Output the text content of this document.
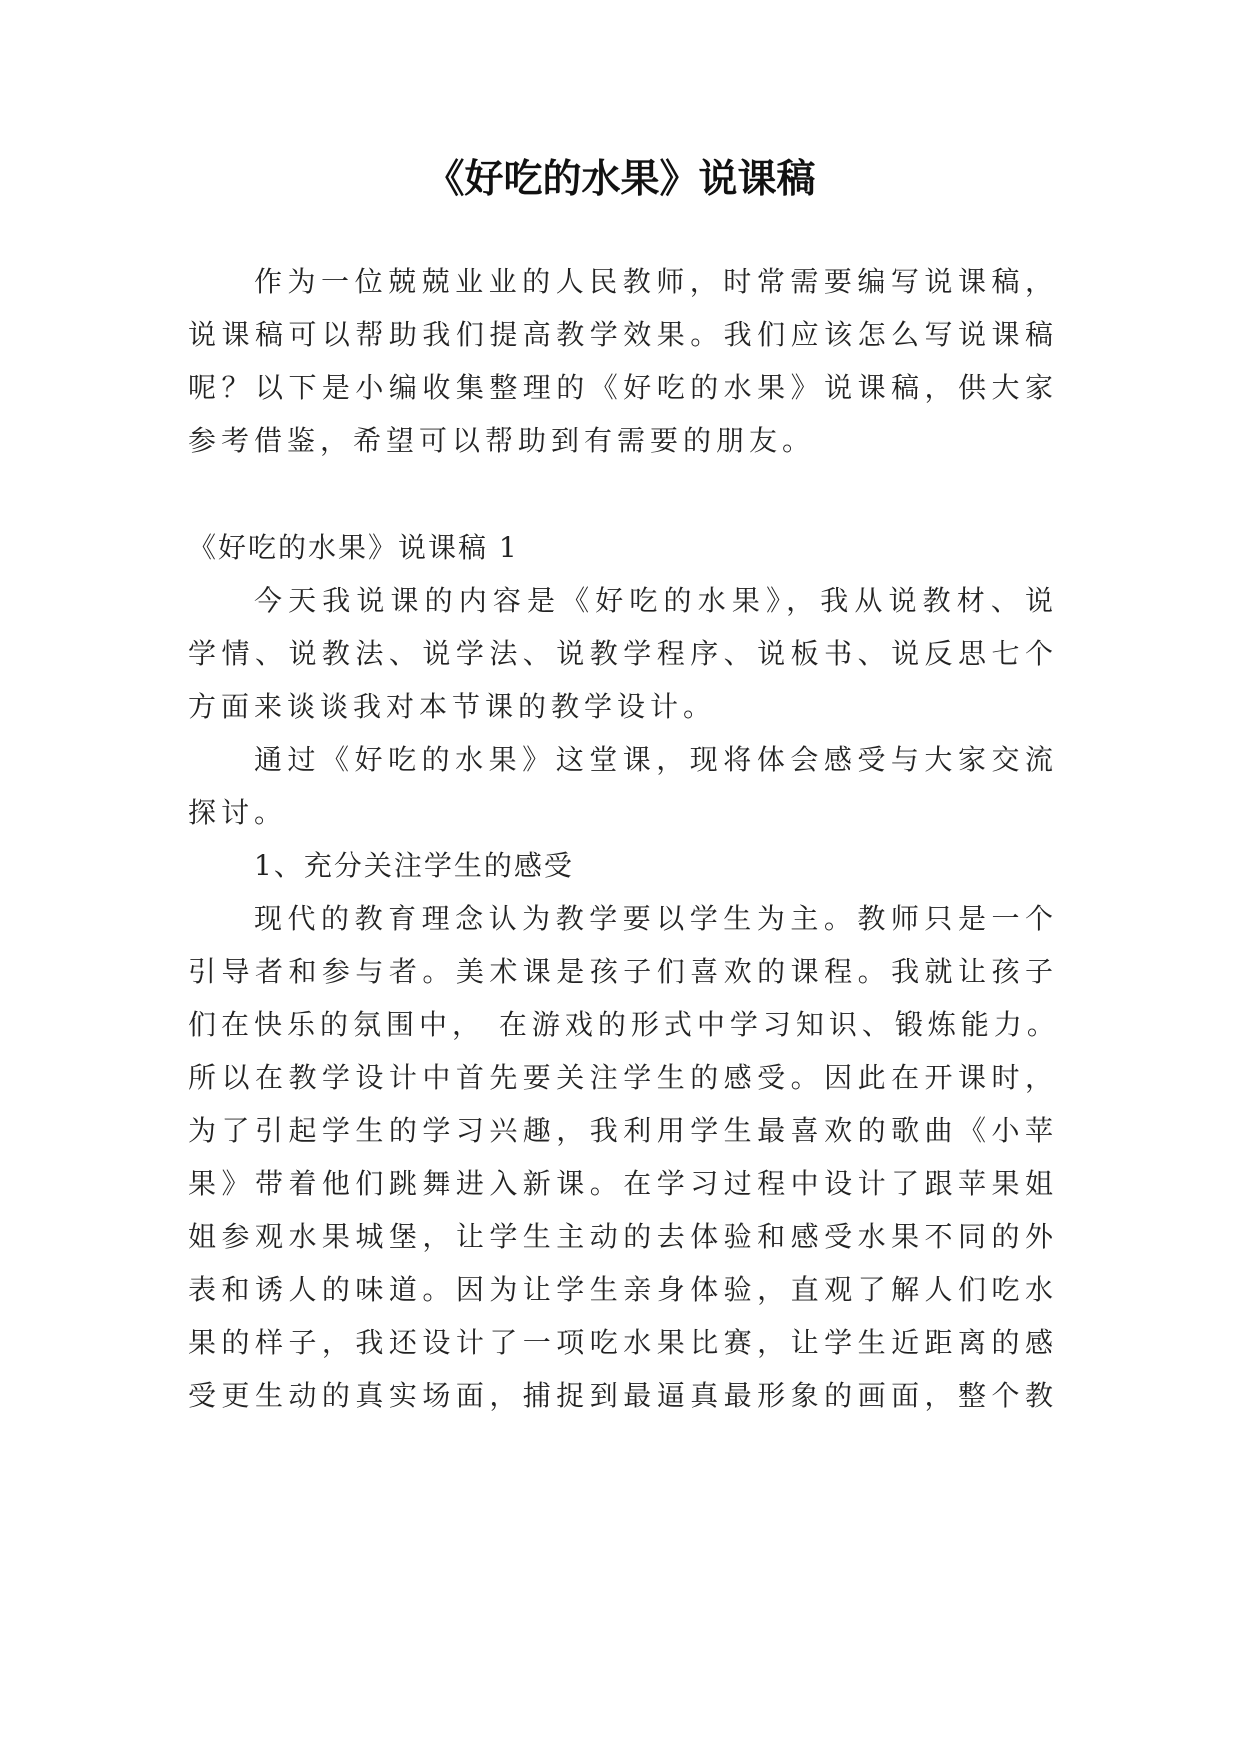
《好吃的水果》说课稿

作为一位兢兢业业的人民教师，时常需要编写说课稿，

说课稿可以帮助我们提高教学效果。我们应该怎么写说课稿

呢？以下是小编收集整理的《好吃的水果》说课稿，供大家

参考借鉴，希望可以帮助到有需要的朋友。

《好吃的水果》说课稿 1

今天我说课的内容是《好吃的水果》，我从说教材、说

学情、说教法、说学法、说教学程序、说板书、说反思七个

方面来谈谈我对本节课的教学设计。

通过《好吃的水果》这堂课，现将体会感受与大家交流

探讨。

1、充分关注学生的感受

现代的教育理念认为教学要以学生为主。教师只是一个

引导者和参与者。美术课是孩子们喜欢的课程。我就让孩子

们在快乐的氛围中， 在游戏的形式中学习知识、锻炼能力。

所以在教学设计中首先要关注学生的感受。因此在开课时，

为了引起学生的学习兴趣，我利用学生最喜欢的歌曲《小苹

果》带着他们跳舞进入新课。在学习过程中设计了跟苹果姐

姐参观水果城堡，让学生主动的去体验和感受水果不同的外

表和诱人的味道。因为让学生亲身体验，直观了解人们吃水

果的样子，我还设计了一项吃水果比赛，让学生近距离的感

受更生动的真实场面，捕捉到最逼真最形象的画面，整个教
